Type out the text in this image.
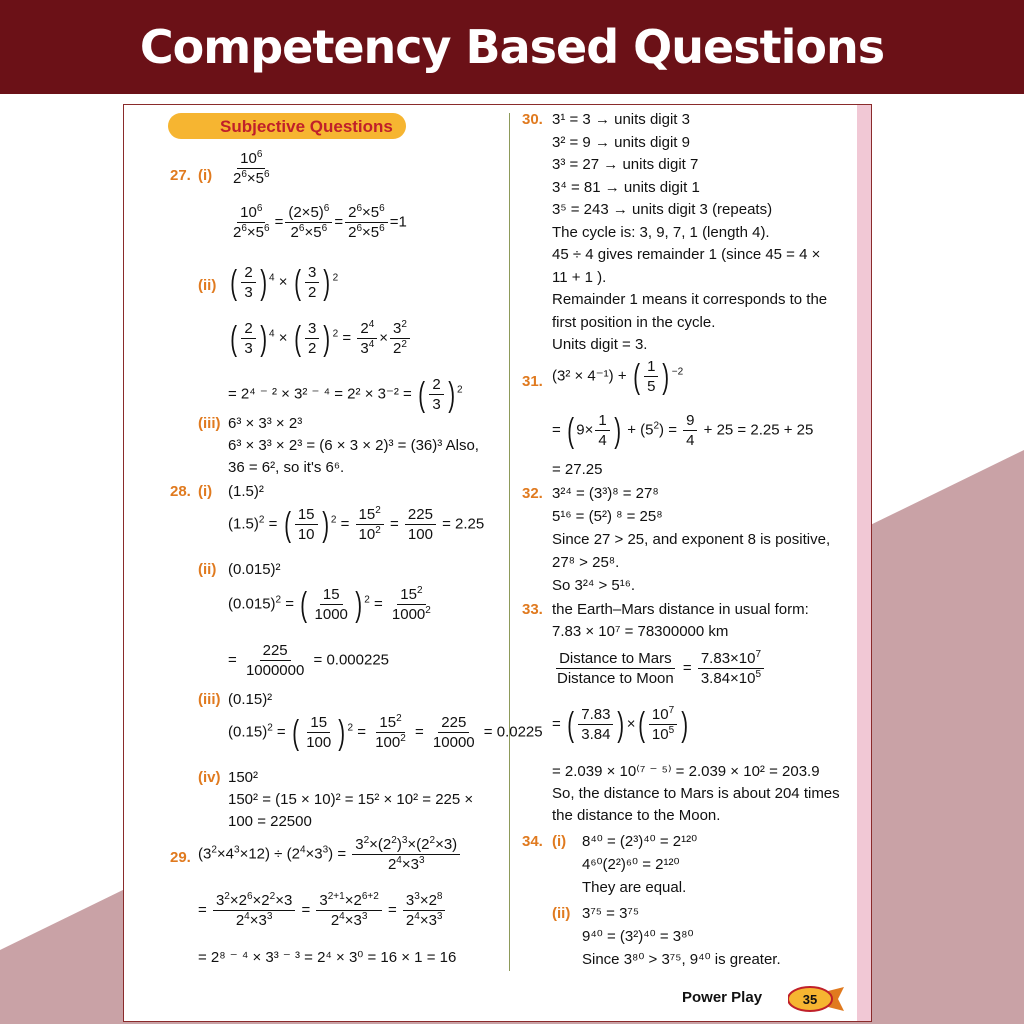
Competency Based Questions
Subjective Questions
27. $(i) \frac{10^6}{2^6\times 5^6}$
$\frac{10^6}{2^6\times 5^6} = \frac{(2\times 5)^6}{2^6\times 5^6} = \frac{2^6\times 5^6}{2^6\times 5^6} =1$
(ii) ( $\frac{2}{3}$ ) $^4$ × ( $\frac{3}{2}$ ) $^2$
( $\frac{2}{3}$ ) $^4$ × ( $\frac{3}{2}$ ) $^2 = \frac{2^4}{3^4} \times \frac{3^2}{2^2}$
= 2⁴ ⁻ ² × 3² ⁻ ⁴ = 2² × 3⁻² = ( $\frac{2}{3}$ ) $^2$
(iii) 6³ × 3³ × 2³
6³ × 3³ × 2³ = (6 × 3 × 2)³ = (36)³ Also,
36 = 6², so it's 6⁶.
28. (i) (1.5)²
$(1.5)^2$ = ( $\frac{15}{10}$ ) $^2 = \frac{15^2}{10^2} = \frac{225}{100} = 2.25$
(ii) (0.015)²
$(0.015)^2$ = ( $\frac{15}{1000}$ ) $^2 = \frac{15^2}{1000^2}$
= $\frac{225}{1000000} = 0.000225$
(iii) (0.15)²
$(0.15)^2$ = ( $\frac{15}{100}$ ) $^2 = \frac{15^2}{100^2} = \frac{225}{10000} = 0.0225$
(iv) 150²
150² = (15 × 10)² = 15² × 10² = 225 ×
100 = 22500
29. $(3^2\times 4^3\times 12) \div (2^4\times 3^3) = \frac{3^2\times(2^2)^3\times(2^2\times 3)}{2^4\times 3^3}$
= $\frac{3^2\times 2^6\times 2^2\times 3}{2^4\times 3^3} = \frac{3^{2+1}\times 2^{6+2}}{2^4\times 3^3} = \frac{3^3\times 2^8}{2^4\times 3^3}$
= 2⁸ ⁻ ⁴ × 3³ ⁻ ³ = 2⁴ × 3⁰ = 16 × 1 = 16
30. 3¹ = 3 → units digit 3
3² = 9 → units digit 9
3³ = 27 → units digit 7
3⁴ = 81 → units digit 1
3⁵ = 243 → units digit 3 (repeats)
The cycle is: 3, 9, 7, 1 (length 4).
45 ÷ 4 gives remainder 1 (since 45 = 4 ×
11 + 1 ).
Remainder 1 means it corresponds to the
first position in the cycle.
Units digit = 3.
31. (3² × 4⁻¹) + ( $\frac{1}{5}$ ) $^{-2}$
= ( $9\times \frac{1}{4}$ ) + $(5^2) = \frac{9}{4} + 25 = 2.25 + 25$
= 27.25
32. 3²⁴ = (3³)⁸ = 27⁸
5¹⁶ = (5²) ⁸ = 25⁸
Since 27 > 25, and exponent 8 is positive,
27⁸ > 25⁸.
So 3²⁴ > 5¹⁶.
33. the Earth–Mars distance in usual form:
7.83 × 10⁷ = 78300000 km
$\frac{\text{Distance to Mars}}{\text{Distance to Moon}} = \frac{7.83\times 10^7}{3.84\times 10^5}$
= ( $\frac{7.83}{3.84}$ ) ×( $\frac{10^7}{10^5}$ )
= 2.039 × 10⁽⁷ ⁻ ⁵⁾ = 2.039 × 10² = 203.9
So, the distance to Mars is about 204 times
the distance to the Moon.
34. (i) 8⁴⁰ = (2³)⁴⁰ = 2¹²⁰
4⁶⁰(2²)⁶⁰ = 2¹²⁰
They are equal.
(ii) 3⁷⁵ = 3⁷⁵
9⁴⁰ = (3²)⁴⁰ = 3⁸⁰
Since 3⁸⁰ > 3⁷⁵, 9⁴⁰ is greater.
Power Play	35
